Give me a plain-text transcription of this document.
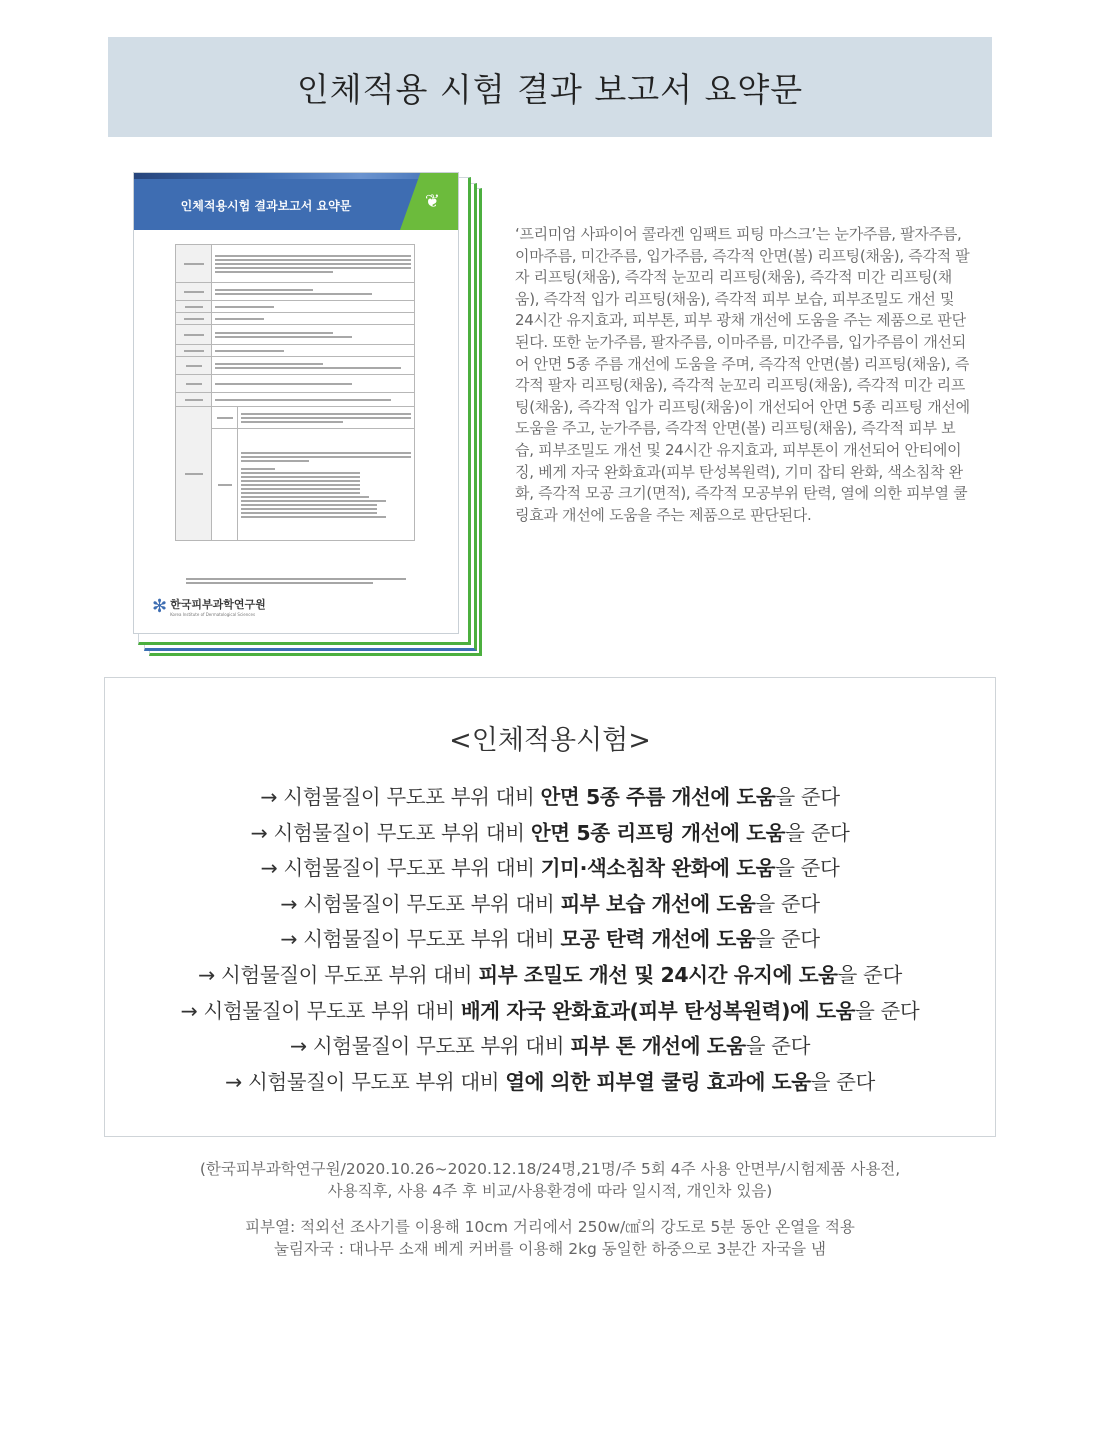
인체적용 시험 결과 보고서 요약문
❦
인체적용시험 결과보고서 요약문

✻ 한국피부과학연구원
Korea Institute of Dermatological Sciences

‘프리미엄 사파이어 콜라겐 임팩트 피팅 마스크’는 눈가주름, 팔자주름, 이마주름, 미간주름, 입가주름, 즉각적 안면(볼) 리프팅(채움), 즉각적 팔자 리프팅(채움), 즉각적 눈꼬리 리프팅(채움), 즉각적 미간 리프팅(채움), 즉각적 입가 리프팅(채움), 즉각적 피부 보습, 피부조밀도 개선 및 24시간 유지효과, 피부톤, 피부 광채 개선에 도움을 주는 제품으로 판단된다. 또한 눈가주름, 팔자주름, 이마주름, 미간주름, 입가주름이 개선되어 안면 5종 주름 개선에 도움을 주며, 즉각적 안면(볼) 리프팅(채움), 즉각적 팔자 리프팅(채움), 즉각적 눈꼬리 리프팅(채움), 즉각적 미간 리프팅(채움), 즉각적 입가 리프팅(채움)이 개선되어 안면 5종 리프팅 개선에 도움을 주고, 눈가주름, 즉각적 안면(볼) 리프팅(채움), 즉각적 피부 보습, 피부조밀도 개선 및 24시간 유지효과, 피부톤이 개선되어 안티에이징, 베게 자국 완화효과(피부 탄성복원력), 기미 잡티 완화, 색소침착 완화, 즉각적 모공 크기(면적), 즉각적 모공부위 탄력, 열에 의한 피부열 쿨링효과 개선에 도움을 주는 제품으로 판단된다.

<인체적용시험>
→ 시험물질이 무도포 부위 대비 안면 5종 주름 개선에 도움을 준다
→ 시험물질이 무도포 부위 대비 안면 5종 리프팅 개선에 도움을 준다
→ 시험물질이 무도포 부위 대비 기미·색소침착 완화에 도움을 준다
→ 시험물질이 무도포 부위 대비 피부 보습 개선에 도움을 준다
→ 시험물질이 무도포 부위 대비 모공 탄력 개선에 도움을 준다
→ 시험물질이 무도포 부위 대비 피부 조밀도 개선 및 24시간 유지에 도움을 준다
→ 시험물질이 무도포 부위 대비 배게 자국 완화효과(피부 탄성복원력)에 도움을 준다
→ 시험물질이 무도포 부위 대비 피부 톤 개선에 도움을 준다
→ 시험물질이 무도포 부위 대비 열에 의한 피부열 쿨링 효과에 도움을 준다
(한국피부과학연구원/2020.10.26~2020.12.18/24명,21명/주 5회 4주 사용 안면부/시험제품 사용전,
사용직후, 사용 4주 후 비교/사용환경에 따라 일시적, 개인차 있음)
피부열: 적외선 조사기를 이용해 10cm 거리에서 250w/㎠의 강도로 5분 동안 온열을 적용
눌림자국 : 대나무 소재 베게 커버를 이용해 2kg 동일한 하중으로 3분간 자국을 냄
